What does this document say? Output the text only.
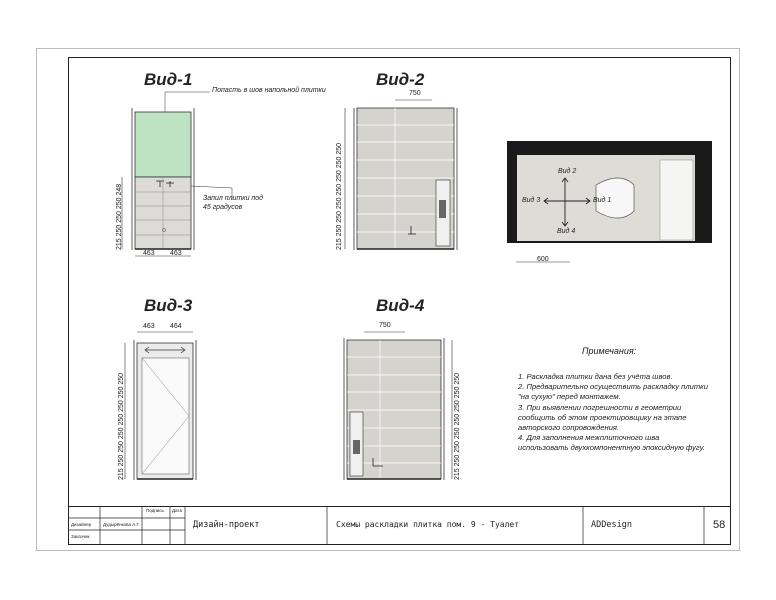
Вид-1	Вид-2
Вид-3	Вид-4
Попасть в шов напольной плитки
Запил плитки под
45 градусов
215 250 250 250 248
463 463
750
215 250 250 250 250 250 250 250	Вид 2
Вид 3	Вид 1
Вид 4
600
463 464
215 250 250 250 250 250 250 250
750
215 250 250 250 250 250 250 250
Примечания:
1. Раскладка плитки дана без учёта швов.
2. Предварительно осуществить раскладку плитки "на сухую" перед монтажем.
3. При выявлении погрешности в геометрии сообщить об этом проектировщику на этапе авторского сопровождения.
4. Для заполнения межплиточного шва использовать двухкомпонентную эпоксидную фугу.
Подпись Дата
Дизайнер	Дудырёнкова А.Г.
Заказчик
Дизайн-проект	Схемы раскладки плитка пом. 9 - Туалет	ADDesign	58
